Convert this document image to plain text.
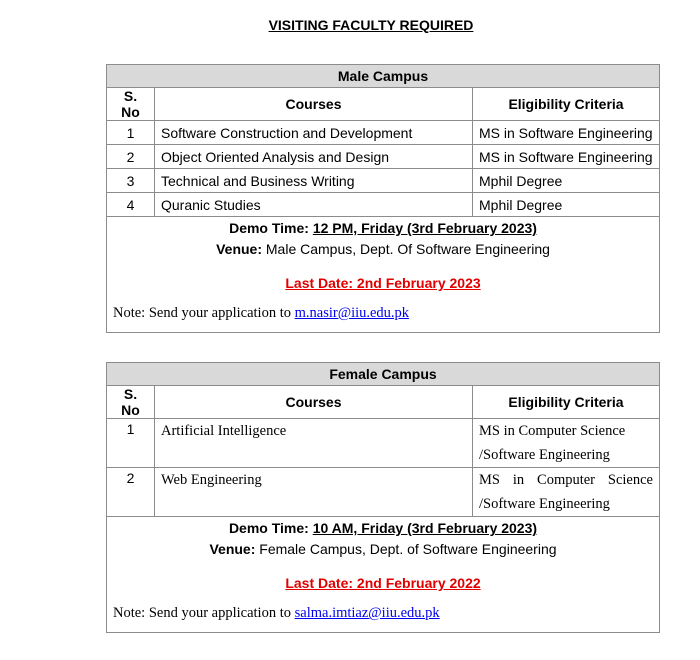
VISITING FACULTY REQUIRED
Male Campus		
S. No	Courses	Eligibility Criteria
1	Software Construction and Development	MS in Software Engineering
2	Object Oriented Analysis and Design	MS in Software Engineering
3	Technical and Business Writing	Mphil Degree
4	Quranic Studies	Mphil Degree

Demo Time: 12 PM, Friday (3rd February 2023)
Venue: Male Campus, Dept. Of Software Engineering
Last Date: 2nd February 2023
Note: Send your application to m.nasir@iiu.edu.pk		
Female Campus		
S. No	Courses	Eligibility Criteria
1	Artificial Intelligence	MS in Computer Science /Software Engineering
2	Web Engineering	MS in Computer Science /Software Engineering

Demo Time: 10 AM, Friday (3rd February 2023)
Venue: Female Campus, Dept. of Software Engineering
Last Date: 2nd February 2022
Note: Send your application to salma.imtiaz@iiu.edu.pk		
